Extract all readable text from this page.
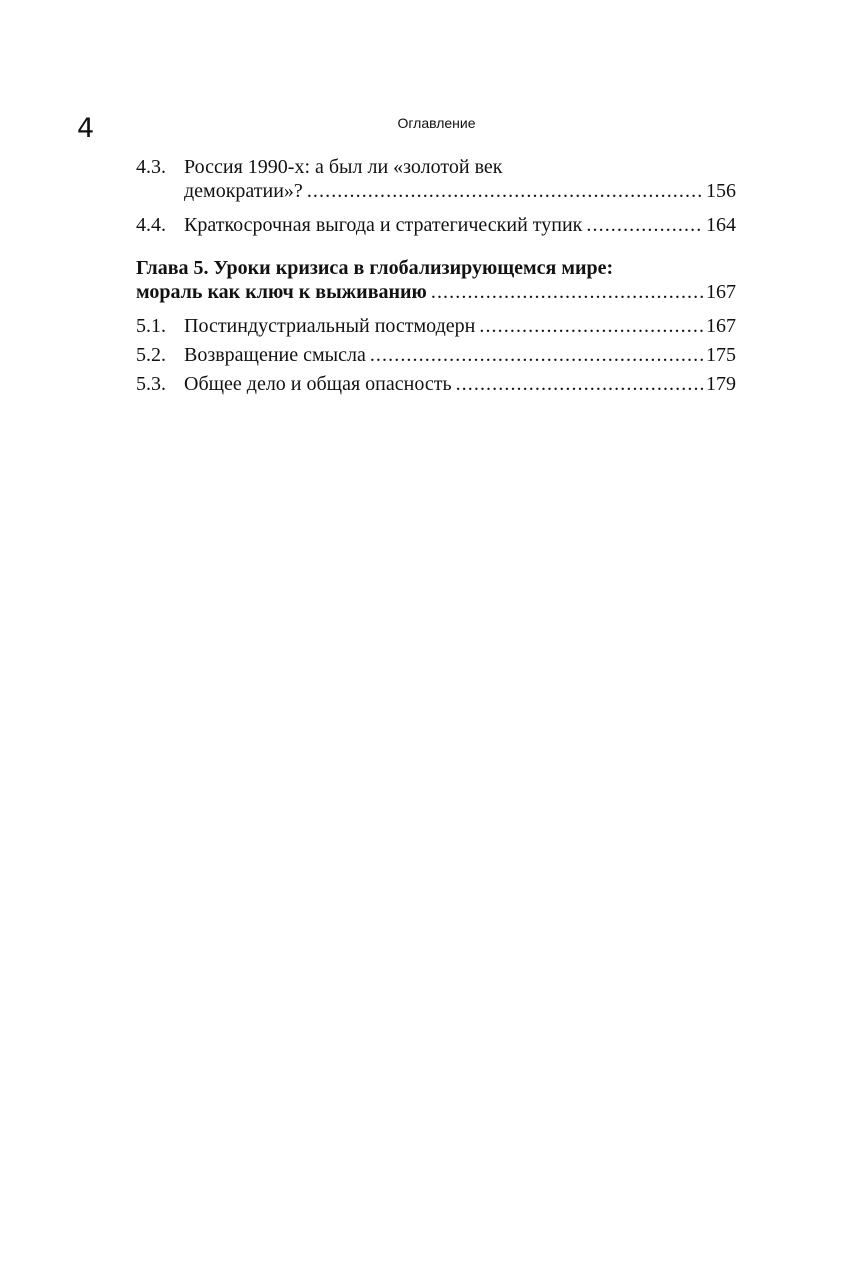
4	Оглавление
4.3. Россия 1990-х: а был ли «золотой век
демократии»? .....	156
4.4. Краткосрочная выгода и стратегический тупик .....	164
Глава 5. Уроки кризиса в глобализирующемся мире:
мораль как ключ к выживанию .....	167
5.1. Постиндустриальный постмодерн .....	167
5.2. Возвращение смысла .....	175
5.3. Общее дело и общая опасность .....	179
